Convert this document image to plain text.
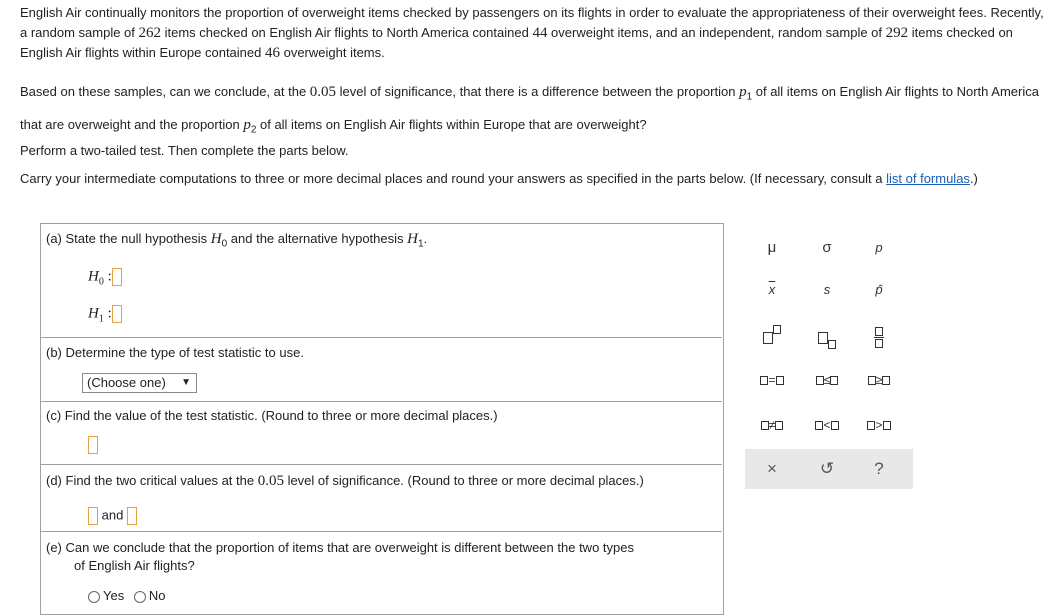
English Air continually monitors the proportion of overweight items checked by passengers on its flights in order to evaluate the appropriateness of their overweight fees. Recently, a random sample of 262 items checked on English Air flights to North America contained 44 overweight items, and an independent, random sample of 292 items checked on English Air flights within Europe contained 46 overweight items.

Based on these samples, can we conclude, at the 0.05 level of significance, that there is a difference between the proportion $p_1$ of all items on English Air flights to North America that are overweight and the proportion $p_2$ of all items on English Air flights within Europe that are overweight?

Perform a two-tailed test. Then complete the parts below.

Carry your intermediate computations to three or more decimal places and round your answers as specified in the parts below. (If necessary, consult a list of formulas.)

(a) State the null hypothesis $H_0$ and the alternative hypothesis $H_1$.
$H_0$ :
$H_1$ :
(b) Determine the type of test statistic to use.
(Choose one) ▼
(c) Find the value of the test statistic. (Round to three or more decimal places.)
(d) Find the two critical values at the 0.05 level of significance. (Round to three or more decimal places.)
and
(e) Can we conclude that the proportion of items that are overweight is different between the two types
of English Air flights?
Yes No
μ	σ	p
$\overline{x}$	s	p̂
=	≤	≥
≠	<	>
×	↺	?
